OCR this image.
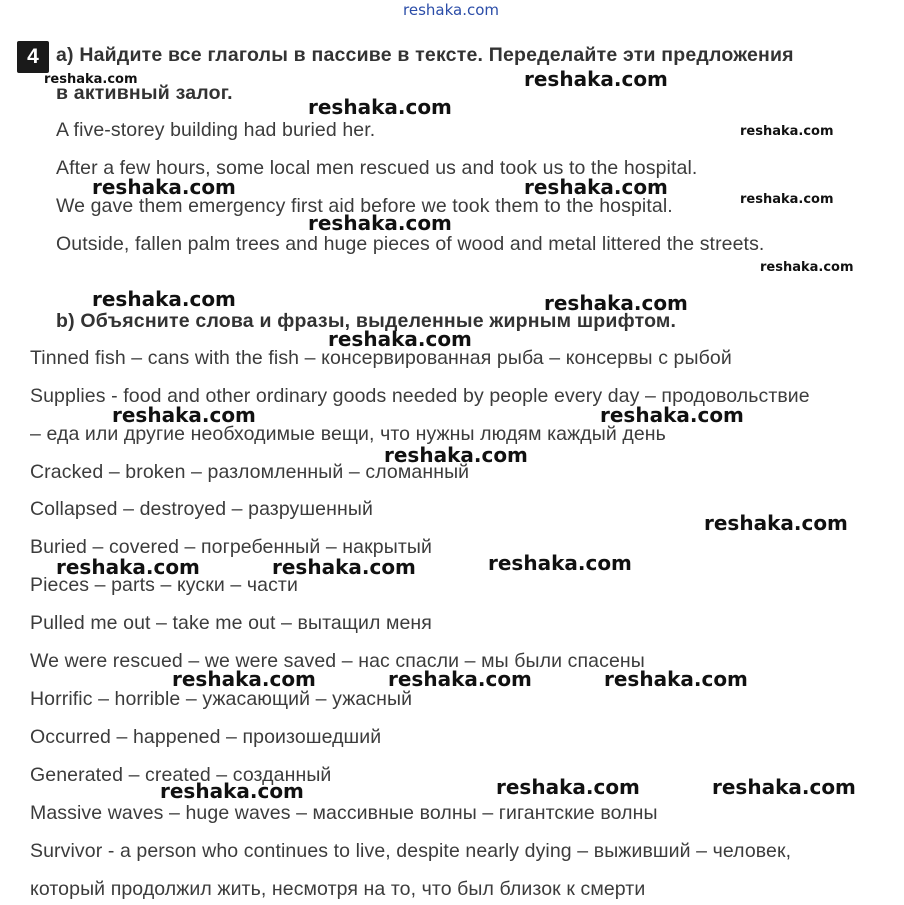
reshaka.com
4 a) Найдите все глаголы в пассиве в тексте. Переделайте эти предложения
в активный залог.
A five-storey building had buried her.
After a few hours, some local men rescued us and took us to the hospital.
We gave them emergency first aid before we took them to the hospital.
Outside, fallen palm trees and huge pieces of wood and metal littered the streets.
b) Объясните слова и фразы, выделенные жирным шрифтом.
Tinned fish – cans with the fish – консервированная рыба – консервы с рыбой
Supplies - food and other ordinary goods needed by people every day – продовольствие
– еда или другие необходимые вещи, что нужны людям каждый день
Cracked – broken – разломленный – сломанный
Collapsed – destroyed – разрушенный
Buried – covered – погребенный – накрытый
Pieces – parts – куски – части
Pulled me out – take me out – вытащил меня
We were rescued – we were saved – нас спасли – мы были спасены
Horrific – horrible – ужасающий – ужасный
Occurred – happened – произошедший
Generated – created – созданный
Massive waves – huge waves – массивные волны – гигантские волны
Survivor - a person who continues to live, despite nearly dying – выживший – человек,
который продолжил жить, несмотря на то, что был близок к смерти
reshaka.com	reshaka.com
reshaka.com
reshaka.com
reshaka.com	reshaka.com
reshaka.com
reshaka.com
reshaka.com
reshaka.com	reshaka.com
reshaka.com
reshaka.com	reshaka.com
reshaka.com
reshaka.com
reshaka.com
reshaka.com	reshaka.com
reshaka.com	reshaka.com	reshaka.com
reshaka.com	reshaka.com
reshaka.com
